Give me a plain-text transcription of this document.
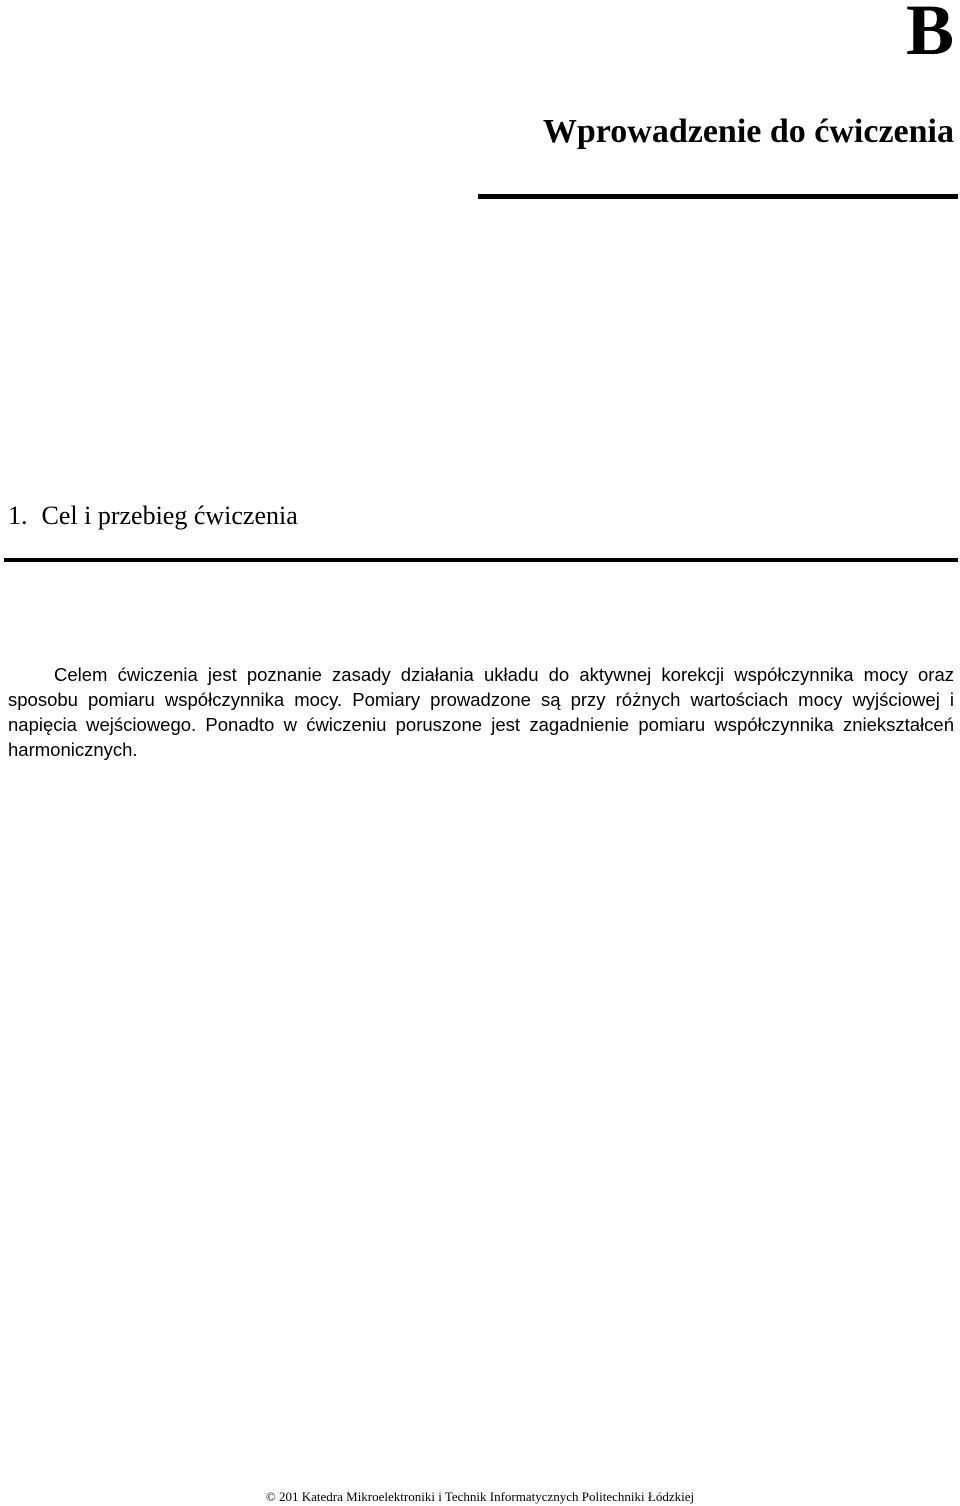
B
Wprowadzenie do ćwiczenia
1. Cel i przebieg ćwiczenia

Celem ćwiczenia jest poznanie zasady działania układu do aktywnej korekcji współczynnika mocy oraz sposobu pomiaru współczynnika mocy. Pomiary prowadzone są przy różnych wartościach mocy wyjściowej i napięcia wejściowego. Ponadto w ćwiczeniu poruszone jest zagadnienie pomiaru współczynnika zniekształceń harmonicznych.

© 201 Katedra Mikroelektroniki i Technik Informatycznych Politechniki Łódzkiej
